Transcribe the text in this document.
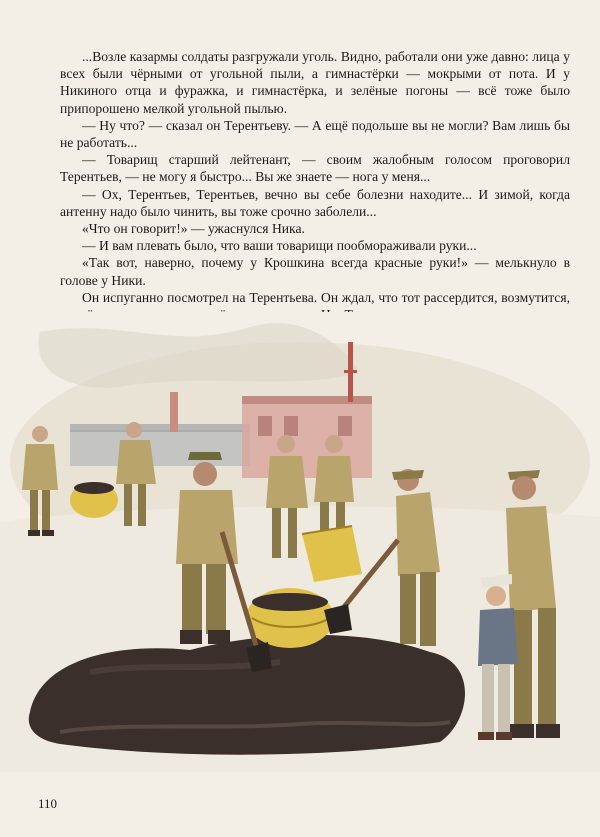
...Возле казармы солдаты разгружали уголь. Видно, работали они уже давно: лица у всех были чёрными от угольной пыли, а гимнастёрки — мокрыми от пота. И у Никиного отца и фуражка, и гимнастёрка, и зелёные погоны — всё тоже было припорошено мелкой угольной пылью.

— Ну что? — сказал он Терентьеву. — А ещё подольше вы не могли? Вам лишь бы не работать...

— Товарищ старший лейтенант, — своим жалобным голосом проговорил Терентьев, — не могу я быстро... Вы же знаете — нога у меня...

— Ох, Терентьев, Терентьев, вечно вы себе болезни находите... И зимой, когда антенну надо было чинить, вы тоже срочно заболели...

«Что он говорит!» — ужаснулся Ника.

— И вам плевать было, что ваши товарищи пообмораживали руки...

«Так вот, наверно, почему у Крошкина всегда красные руки!» — мелькнуло в голове у Ники.

Он испуганно посмотрел на Терентьева. Он ждал, что тот рассердится, возмутится,

110
